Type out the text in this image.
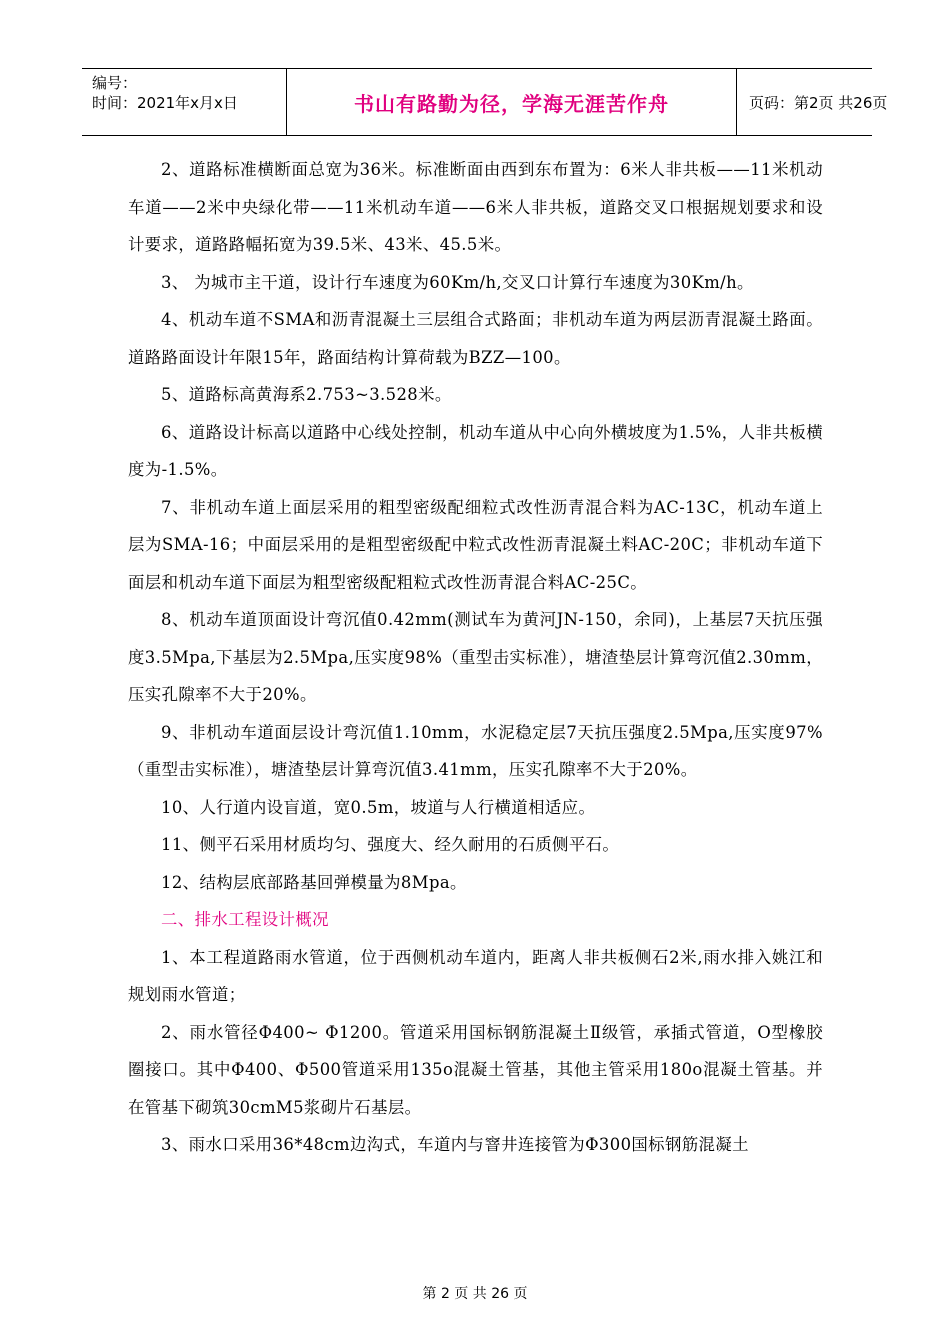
编号：
时间：2021年x月x日	书山有路勤为径，学海无涯苦作舟	页码：第2页 共26页

2、道路标准横断面总宽为36米。标准断面由西到东布置为：6米人非共板——11米机动车道——2米中央绿化带——11米机动车道——6米人非共板，道路交叉口根据规划要求和设计要求，道路路幅拓宽为39.5米、43米、45.5米。

3、 为城市主干道，设计行车速度为60Km/h,交叉口计算行车速度为30Km/h。

4、机动车道不SMA和沥青混凝土三层组合式路面；非机动车道为两层沥青混凝土路面。道路路面设计年限15年，路面结构计算荷载为BZZ—100。

5、道路标高黄海系2.753~3.528米。

6、道路设计标高以道路中心线处控制，机动车道从中心向外横坡度为1.5%，人非共板横度为-1.5%。

7、非机动车道上面层采用的粗型密级配细粒式改性沥青混合料为AC-13C，机动车道上层为SMA-16；中面层采用的是粗型密级配中粒式改性沥青混凝土料AC-20C；非机动车道下面层和机动车道下面层为粗型密级配粗粒式改性沥青混合料AC-25C。

8、机动车道顶面设计弯沉值0.42mm(测试车为黄河JN-150，余同)，上基层7天抗压强度3.5Mpa,下基层为2.5Mpa,压实度98%（重型击实标准），塘渣垫层计算弯沉值2.30mm，压实孔隙率不大于20%。

9、非机动车道面层设计弯沉值1.10mm，水泥稳定层7天抗压强度2.5Mpa,压实度97%（重型击实标准），塘渣垫层计算弯沉值3.41mm，压实孔隙率不大于20%。

10、人行道内设盲道，宽0.5m，坡道与人行横道相适应。

11、侧平石采用材质均匀、强度大、经久耐用的石质侧平石。

12、结构层底部路基回弹模量为8Mpa。

二、排水工程设计概况

1、本工程道路雨水管道，位于西侧机动车道内，距离人非共板侧石2米,雨水排入姚江和规划雨水管道；

2、雨水管径Φ400~ Φ1200。管道采用国标钢筋混凝土Ⅱ级管，承插式管道，O型橡胶圈接口。其中Φ400、Φ500管道采用135o混凝土管基，其他主管采用180o混凝土管基。并在管基下砌筑30cmM5浆砌片石基层。

3、雨水口采用36*48cm边沟式，车道内与窨井连接管为Φ300国标钢筋混凝土

第 2 页 共 26 页
